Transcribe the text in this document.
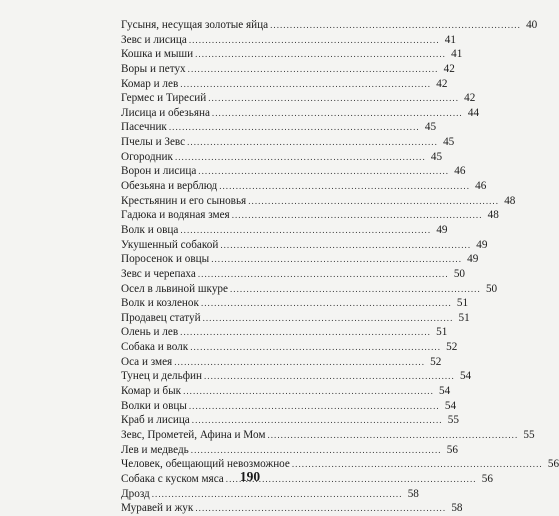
Гусыня, несущая золотые яйца . . .	40
Зевс и лисица . . .	41
Кошка и мыши . . .	41
Воры и петух . . .	42
Комар и лев . . .	42
Гермес и Тиресий . . .	42
Лисица и обезьяна . . .	44
Пасечник . . .	45
Пчелы и Зевс . . .	45
Огородник . . .	45
Ворон и лисица . . .	46
Обезьяна и верблюд . . .	46
Крестьянин и его сыновья . . .	48
Гадюка и водяная змея . . .	48
Волк и овца . . .	49
Укушенный собакой . . .	49
Поросенок и овцы . . .	49
Зевс и черепаха . . .	50
Осел в львиной шкуре . . .	50
Волк и козленок . . .	51
Продавец статуй . . .	51
Олень и лев . . .	51
Собака и волк . . .	52
Оса и змея . . .	52
Тунец и дельфин . . .	54
Комар и бык . . .	54
Волки и овцы . . .	54
Краб и лисица . . .	55
Зевс, Прометей, Афина и Мом . . .	55
Лев и медведь . . .	56
Человек, обещающий невозможное . . .	56
Собака с куском мяса . . .	56
Дрозд . . .	58
Муравей и жук . . .	58
190
